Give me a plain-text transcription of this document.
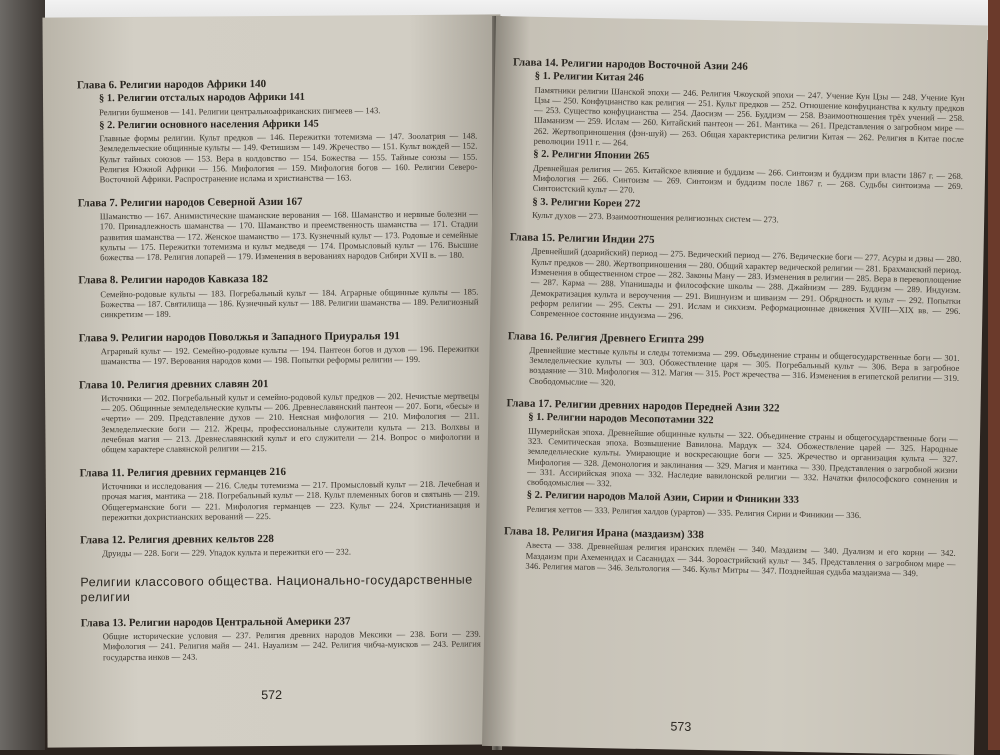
Глава 6. Религии народов Африки 140
§ 1. Религии отсталых народов Африки 141
Религии бушменов — 141. Религии центральноафриканских пигмеев — 143.
§ 2. Религии основного населения Африки 145
Главные формы религии. Культ предков — 146. Пережитки тотемизма — 147. Зоолатрия — 148. Земледельческие общинные культы — 149. Фетишизм — 149. Жречество — 151. Культ вождей — 152. Культ тайных союзов — 153. Вера в колдовство — 154. Божества — 155. Тайные союзы — 155. Религия Южной Африки — 156. Мифология — 159. Мифология богов — 160. Религии Северо-Восточной Африки. Распространение ислама и христианства — 163.
Глава 7. Религии народов Северной Азии 167
Шаманство — 167. Анимистические шаманские верования — 168. Шаманство и нервные болезни — 170. Принадлежность шаманства — 170. Шаманство и преемственность шаманства — 171. Стадии развития шаманства — 172. Женское шаманство — 173. Кузнечный культ — 173. Родовые и семейные культы — 175. Пережитки тотемизма и культ медведя — 174. Промысловый культ — 176. Высшие божества — 178. Религия лопарей — 179. Изменения в верованиях народов Сибири XVII в. — 180.
Глава 8. Религии народов Кавказа 182
Семейно-родовые культы — 183. Погребальный культ — 184. Аграрные общинные культы — 185. Божества — 187. Святилища — 186. Кузнечный культ — 188. Религии шаманства — 189. Религиозный синкретизм — 189.
Глава 9. Религии народов Поволжья и Западного Приуралья 191
Аграрный культ — 192. Семейно-родовые культы — 194. Пантеон богов и духов — 196. Пережитки шаманства — 197. Верования народов коми — 198. Попытки реформы религии — 199.
Глава 10. Религия древних славян 201
Источники — 202. Погребальный культ и семейно-родовой культ предков — 202. Нечистые мертвецы — 205. Общинные земледельческие культы — 206. Древнеславянский пантеон — 207. Боги, «бесы» и «черти» — 209. Представление духов — 210. Неясная мифология — 210. Мифология — 211. Земледельческие боги — 212. Жрецы, профессиональные служители культа — 213. Волхвы и лечебная магия — 213. Древнеславянский культ и его служители — 214. Вопрос о мифологии и общем характере славянской религии — 215.
Глава 11. Религия древних германцев 216
Источники и исследования — 216. Следы тотемизма — 217. Промысловый культ — 218. Лечебная и прочая магия, мантика — 218. Погребальный культ — 218. Культ племенных богов и святынь — 219. Общегерманские боги — 221. Мифология германцев — 223. Культ — 224. Христианизация и пережитки дохристианских верований — 225.
Глава 12. Религия древних кельтов 228
Друиды — 228. Боги — 229. Упадок культа и пережитки его — 232.
Религии классового общества. Национально-государственные религии
Глава 13. Религии народов Центральной Америки 237
Общие исторические условия — 237. Религия древних народов Мексики — 238. Боги — 239. Мифология — 241. Религия майя — 241. Науализм — 242. Религия чибча-муисков — 243. Религия государства инков — 243.
572
Глава 14. Религии народов Восточной Азии 246
§ 1. Религии Китая 246
Памятники религии Шанской эпохи — 246. Религия Чжоуской эпохи — 247. Учение Кун Цзы — 248. Учение Кун Цзы — 250. Конфуцианство как религия — 251. Культ предков — 252. Отношение конфуцианства к культу предков — 253. Существо конфуцианства — 254. Даосизм — 256. Буддизм — 258. Взаимоотношения трёх учений — 258. Шаманизм — 259. Ислам — 260. Китайский пантеон — 261. Мантика — 261. Представления о загробном мире — 262. Жертвоприношения (фэн-шуй) — 263. Общая характеристика религии Китая — 262. Религия в Китае после революции 1911 г. — 264.
§ 2. Религии Японии 265
Древнейшая религия — 265. Китайское влияние и буддизм — 266. Синтоизм и буддизм при власти 1867 г. — 268. Мифология — 266. Синтоизм — 269. Синтоизм и буддизм после 1867 г. — 268. Судьбы синтоизма — 269. Синтоистский культ — 270.
§ 3. Религии Кореи 272
Культ духов — 273. Взаимоотношения религиозных систем — 273.
Глава 15. Религии Индии 275
Древнейший (доарийский) период — 275. Ведический период — 276. Ведические боги — 277. Асуры и дэвы — 280. Культ предков — 280. Жертвоприношения — 280. Общий характер ведической религии — 281. Брахманский период. Изменения в общественном строе — 282. Законы Ману — 283. Изменения в религии — 285. Вера в перевоплощение — 287. Карма — 288. Упанишады и философские школы — 288. Джайнизм — 289. Буддизм — 289. Индуизм. Демократизация культа и вероучения — 291. Вишнуизм и шиваизм — 291. Обрядность и культ — 292. Попытки реформ религии — 295. Секты — 291. Ислам и сикхизм. Реформационные движения XVIII—XIX вв. — 296. Современное состояние индуизма — 296.
Глава 16. Религия Древнего Египта 299
Древнейшие местные культы и следы тотемизма — 299. Объединение страны и общегосударственные боги — 301. Земледельческие культы — 303. Обожествление царя — 305. Погребальный культ — 306. Вера в загробное воздаяние — 310. Мифология — 312. Магия — 315. Рост жречества — 316. Изменения в египетской религии — 319. Свободомыслие — 320.
Глава 17. Религии древних народов Передней Азии 322
§ 1. Религии народов Месопотамии 322
Шумерийская эпоха. Древнейшие общинные культы — 322. Объединение страны и общегосударственные боги — 323. Семитическая эпоха. Возвышение Вавилона. Мардук — 324. Обожествление царей — 325. Народные земледельческие культы. Умирающие и воскресающие боги — 325. Жречество и организация культа — 327. Мифология — 328. Демонология и заклинания — 329. Магия и мантика — 330. Представления о загробной жизни — 331. Ассирийская эпоха — 332. Наследие вавилонской религии — 332. Начатки философского сомнения и свободомыслия — 332.
§ 2. Религии народов Малой Азии, Сирии и Финикии 333
Религия хеттов — 333. Религия халдов (урартов) — 335. Религия Сирии и Финикии — 336.
Глава 18. Религия Ирана (маздаизм) 338
Авеста — 338. Древнейшая религия иранских племён — 340. Маздаизм — 340. Дуализм и его корни — 342. Маздаизм при Ахеменидах и Сасанидах — 344. Зороастрийский культ — 345. Представления о загробном мире — 346. Религия магов — 346. Зельтология — 346. Культ Митры — 347. Позднейшая судьба маздаизма — 349.
573
